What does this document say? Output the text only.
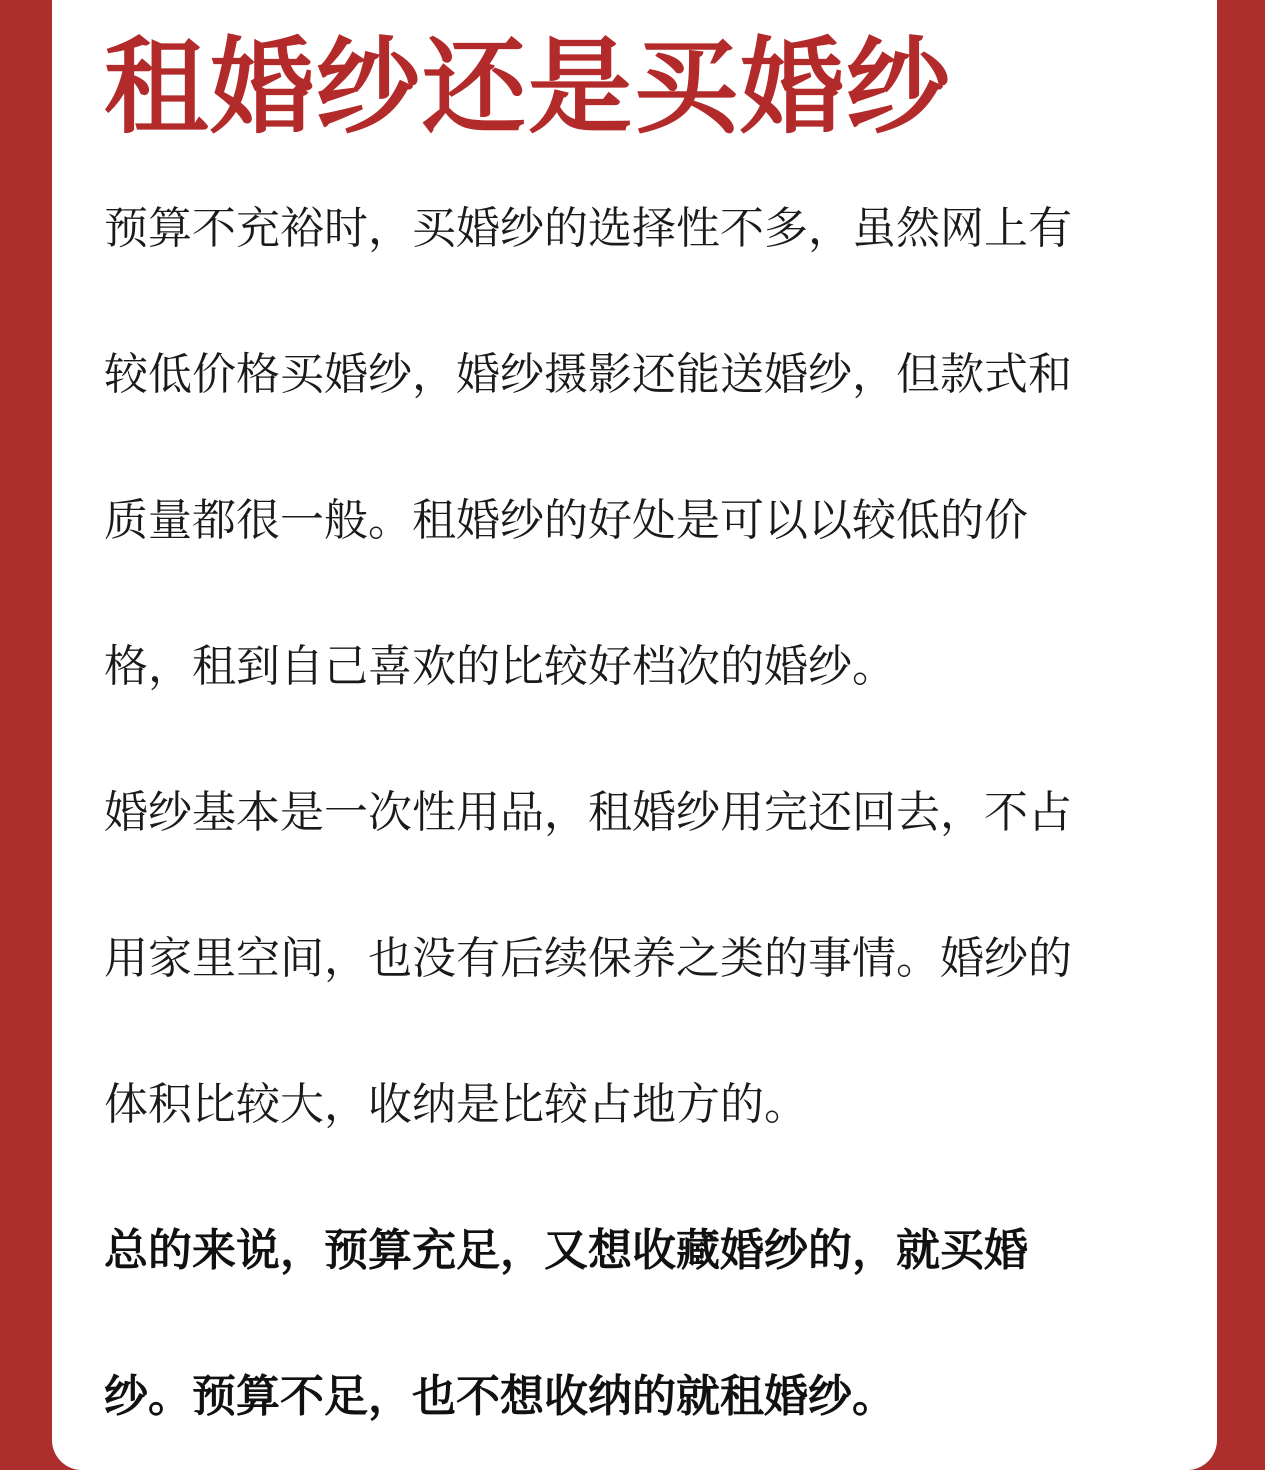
租婚纱还是买婚纱

预算不充裕时，买婚纱的选择性不多，虽然网上有

较低价格买婚纱，婚纱摄影还能送婚纱，但款式和

质量都很一般。租婚纱的好处是可以以较低的价

格，租到自己喜欢的比较好档次的婚纱。

婚纱基本是一次性用品，租婚纱用完还回去，不占

用家里空间，也没有后续保养之类的事情。婚纱的

体积比较大，收纳是比较占地方的。

总的来说，预算充足，又想收藏婚纱的，就买婚

纱。预算不足，也不想收纳的就租婚纱。
